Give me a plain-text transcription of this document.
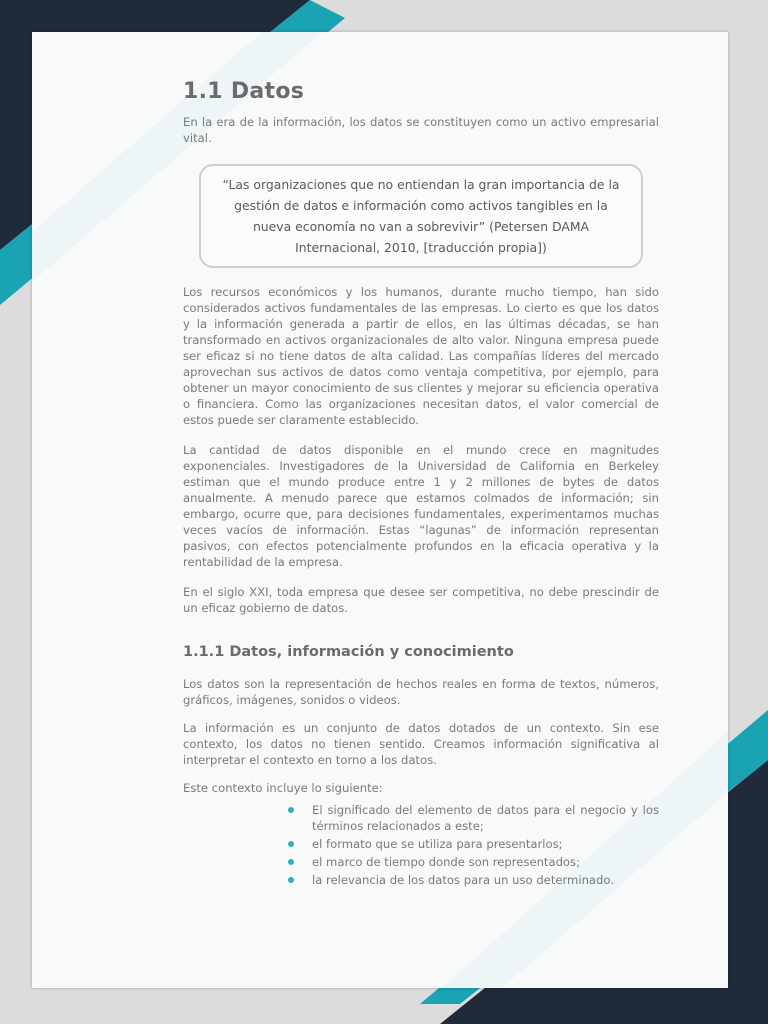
1.1 Datos

En la era de la información, los datos se constituyen como un activo empresarial vital.

“Las organizaciones que no entiendan la gran importancia de la gestión de datos e información como activos tangibles en la nueva economía no van a sobrevivir” (Petersen DAMA Internacional, 2010, [traducción propia])

Los recursos económicos y los humanos, durante mucho tiempo, han sido considerados activos fundamentales de las empresas. Lo cierto es que los datos y la información generada a partir de ellos, en las últimas décadas, se han transformado en activos organizacionales de alto valor. Ninguna empresa puede ser eficaz si no tiene datos de alta calidad. Las compañías líderes del mercado aprovechan sus activos de datos como ventaja competitiva, por ejemplo, para obtener un mayor conocimiento de sus clientes y mejorar su eficiencia operativa o financiera. Como las organizaciones necesitan datos, el valor comercial de estos puede ser claramente establecido.

La cantidad de datos disponible en el mundo crece en magnitudes exponenciales. Investigadores de la Universidad de California en Berkeley estiman que el mundo produce entre 1 y 2 millones de bytes de datos anualmente. A menudo parece que estamos colmados de información; sin embargo, ocurre que, para decisiones fundamentales, experimentamos muchas veces vacíos de información. Estas “lagunas” de información representan pasivos, con efectos potencialmente profundos en la eficacia operativa y la rentabilidad de la empresa.

En el siglo XXI, toda empresa que desee ser competitiva, no debe prescindir de un eficaz gobierno de datos.

1.1.1 Datos, información y conocimiento

Los datos son la representación de hechos reales en forma de textos, números, gráficos, imágenes, sonidos o videos.

La información es un conjunto de datos dotados de un contexto. Sin ese contexto, los datos no tienen sentido. Creamos información significativa al interpretar el contexto en torno a los datos.

Este contexto incluye lo siguiente:

El significado del elemento de datos para el negocio y los términos relacionados a este;
el formato que se utiliza para presentarlos;
el marco de tiempo donde son representados;
la relevancia de los datos para un uso determinado.
